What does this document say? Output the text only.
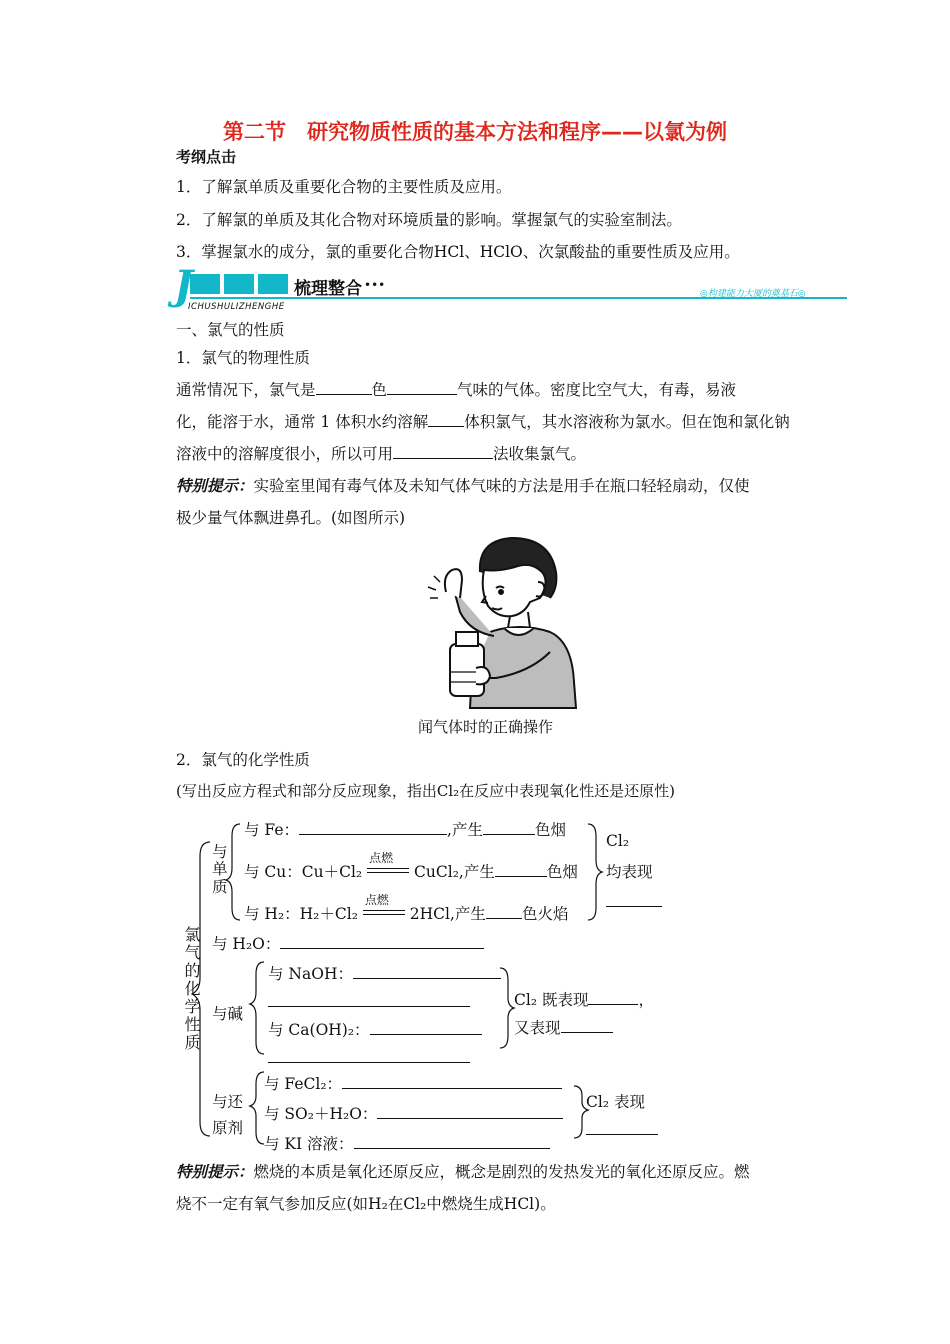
第二节　研究物质性质的基本方法和程序——以氯为例
考纲点击
1．了解氯单质及重要化合物的主要性质及应用。
2．了解氯的单质及其化合物对环境质量的影响。掌握氯气的实验室制法。
3．掌握氯水的成分，氯的重要化合物HCl、HClO、次氯酸盐的重要性质及应用。
J	梳理整合 •••
ICHUSHULIZHENGHE
◎构建能力大厦的奠基石◎
一、氯气的性质
1．氯气的物理性质
通常情况下，氯气是	色	气味的气体。密度比空气大，有毒，易液
化，能溶于水，通常 1 体积水约溶解 体积氯气，其水溶液称为氯水。但在饱和氯化钠
溶液中的溶解度很小，所以可用	法收集氯气。
特别提示：实验室里闻有毒气体及未知气体气味的方法是用手在瓶口轻轻扇动，仅使
极少量气体飘进鼻孔。(如图所示)
闻气体时的正确操作
2．氯气的化学性质
(写出反应方程式和部分反应现象，指出Cl₂在反应中表现氧化性还是还原性)
氯气的化学性质
与
单质
与 Fe：	,产生	色烟
与 Cu：Cu＋Cl₂
点燃
CuCl₂,产生	色烟
与 H₂：H₂＋Cl₂
点燃
2HCl,产生 色火焰
Cl₂
均表现
与 H₂O：
与碱
与 NaOH：
与 Ca(OH)₂：
Cl₂ 既表现	，
又表现
与还
原剂
与 FeCl₂：
与 SO₂＋H₂O：
与 KI 溶液：
Cl₂ 表现
特别提示：燃烧的本质是氧化还原反应，概念是剧烈的发热发光的氧化还原反应。燃
烧不一定有氧气参加反应(如H₂在Cl₂中燃烧生成HCl)。
